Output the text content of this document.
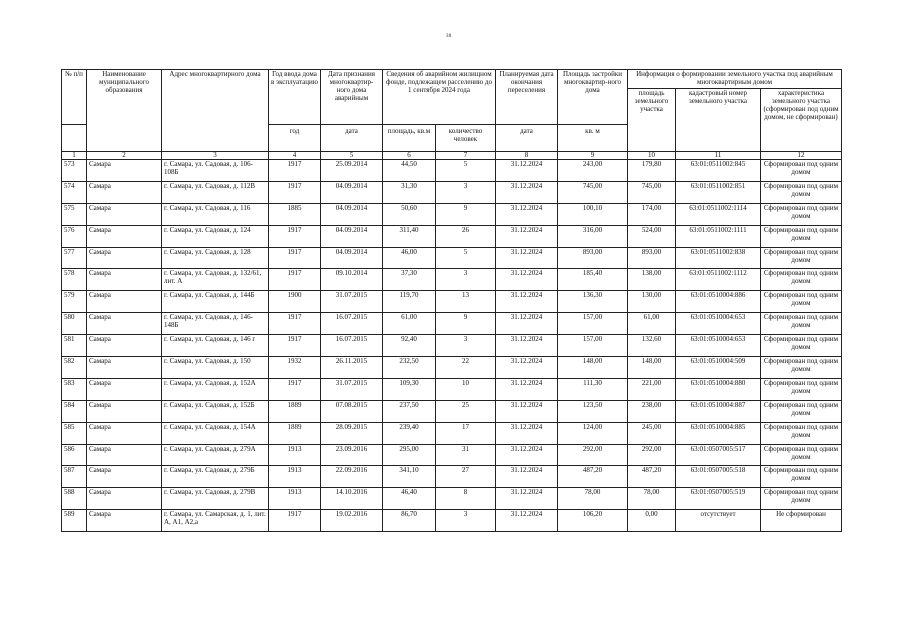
30
№ п/п	Наименование муниципального образования	Адрес многоквартирного дома	Год ввода дома в эксплуатацию	Дата признания многоквартир-ного дома аварийным	Сведения об аварийном жилищном фонде, подлежащем расселению до 1 сентября 2024 года		Планируемая дата окончания переселения	Площадь застройки многоквартир-ного дома	Информация о формировании земельного участка под аварийным многоквартирным домом		
									площадь земельного участка	кадастровый номер земельного участка	характеристика земельного участка (сформирован под одним домом, не сформирован)
			год	дата	площадь, кв.м	количество человек	дата	кв. м			
1	2	3	4	5	6	7	8	9	10	11	12
573	Самара	г. Самара, ул. Садовая, д. 106-108Б	1917	25.09.2014	44,50	5	31.12.2024	243,00	179,80	63:01:0511002:845	Сформирован под одним домом
574	Самара	г. Самара, ул. Садовая, д. 112В	1917	04.09.2014	31,30	3	31.12.2024	745,00	745,00	63:01:0511002:851	Сформирован под одним домом
575	Самара	г. Самара, ул. Садовая, д. 116	1885	04.09.2014	50,60	9	31.12.2024	100,10	174,00	63:01:0511002:1114	Сформирован под одним домом
576	Самара	г. Самара, ул. Садовая, д. 124	1917	04.09.2014	311,40	26	31.12.2024	316,00	524,00	63:01:0511002:1111	Сформирован под одним домом
577	Самара	г. Самара, ул. Садовая, д. 128	1917	04.09.2014	46,00	5	31.12.2024	893,00	893,00	63:01:0511002:838	Сформирован под одним домом
578	Самара	г. Самара, ул. Садовая, д. 132/61, лит. А	1917	09.10.2014	37,30	3	31.12.2024	185,40	138,00	63:01:0511002:1112	Сформирован под одним домом
579	Самара	г. Самара, ул. Садовая, д. 144Б	1900	31.07.2015	119,70	13	31.12.2024	136,30	130,00	63:01:0510004:886	Сформирован под одним домом
580	Самара	г. Самара, ул. Садовая, д. 146-148Б	1917	16.07.2015	61,00	9	31.12.2024	157,00	61,00	63:01:0510004:653	Сформирован под одним домом
581	Самара	г. Самара, ул. Садовая, д. 146 г	1917	16.07.2015	92,40	3	31.12.2024	157,00	132,60	63:01:0510004:653	Сформирован под одним домом
582	Самара	г. Самара, ул. Садовая, д. 150	1932	26.11.2015	232,50	22	31.12.2024	148,00	148,00	63:01:0510004:509	Сформирован под одним домом
583	Самара	г. Самара, ул. Садовая, д. 152А	1917	31.07.2015	109,30	10	31.12.2024	111,30	221,00	63:01:0510004:880	Сформирован под одним домом
584	Самара	г. Самара, ул. Садовая, д. 152Б	1889	07.08.2015	237,50	25	31.12.2024	123,50	238,00	63:01:0510004:887	Сформирован под одним домом
585	Самара	г. Самара, ул. Садовая, д. 154А	1889	28.09.2015	239,40	17	31.12.2024	124,00	245,00	63:01:0510004:885	Сформирован под одним домом
586	Самара	г. Самара, ул. Садовая, д. 279А	1913	23.09.2016	295,00	31	31.12.2024	292,00	292,00	63:01:0507005:517	Сформирован под одним домом
587	Самара	г. Самара, ул. Садовая, д. 279Б	1913	22.09.2016	341,10	27	31.12.2024	487,20	487,20	63:01:0507005:518	Сформирован под одним домом
588	Самара	г. Самара, ул. Садовая, д. 279В	1913	14.10.2016	46,40	8	31.12.2024	78,00	78,00	63:01:0507005:519	Сформирован под одним домом
589	Самара	г. Самара, ул. Самарская, д. 1, лит. А, А1, А2,а	1917	19.02.2016	86,70	3	31.12.2024	106,20	0,00	отсутствует	Не сформирован
